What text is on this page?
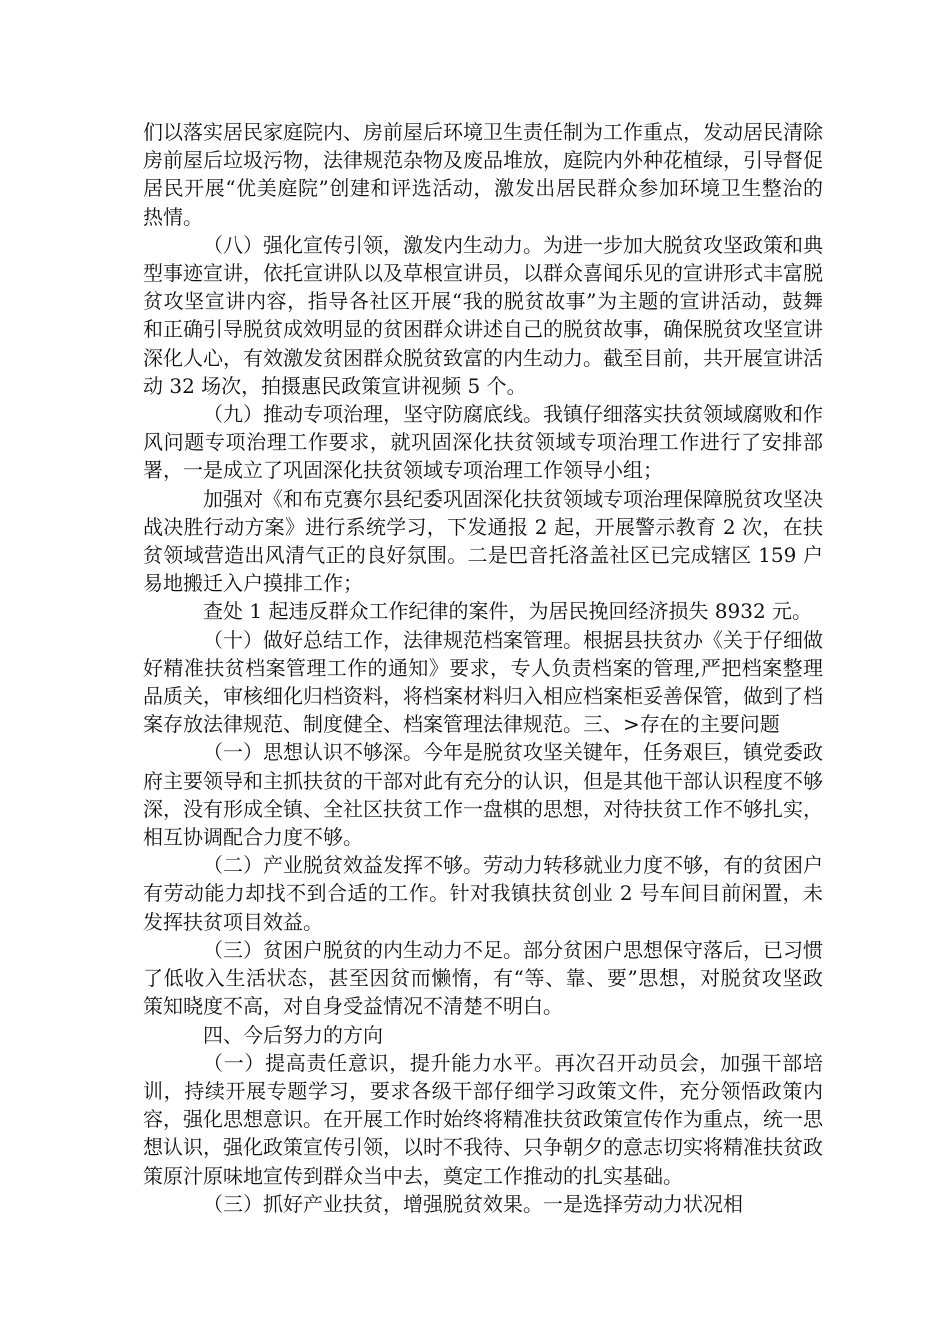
们以落实居民家庭院内、房前屋后环境卫生责任制为工作重点，发动居民清除房前屋后垃圾污物，法律规范杂物及废品堆放，庭院内外种花植绿，引导督促居民开展“优美庭院”创建和评选活动，激发出居民群众参加环境卫生整治的热情。

（八）强化宣传引领，激发内生动力。为进一步加大脱贫攻坚政策和典型事迹宣讲，依托宣讲队以及草根宣讲员，以群众喜闻乐见的宣讲形式丰富脱贫攻坚宣讲内容，指导各社区开展“我的脱贫故事”为主题的宣讲活动，鼓舞和正确引导脱贫成效明显的贫困群众讲述自己的脱贫故事，确保脱贫攻坚宣讲深化人心，有效激发贫困群众脱贫致富的内生动力。截至目前，共开展宣讲活动 32 场次，拍摄惠民政策宣讲视频 5 个。

（九）推动专项治理，坚守防腐底线。我镇仔细落实扶贫领域腐败和作风问题专项治理工作要求，就巩固深化扶贫领域专项治理工作进行了安排部署，一是成立了巩固深化扶贫领域专项治理工作领导小组；

加强对《和布克赛尔县纪委巩固深化扶贫领域专项治理保障脱贫攻坚决战决胜行动方案》进行系统学习，下发通报 2 起，开展警示教育 2 次，在扶贫领域营造出风清气正的良好氛围。二是巴音托洛盖社区已完成辖区 159 户易地搬迁入户摸排工作；

查处 1 起违反群众工作纪律的案件，为居民挽回经济损失 8932 元。

（十）做好总结工作，法律规范档案管理。根据县扶贫办《关于仔细做好精准扶贫档案管理工作的通知》要求，专人负责档案的管理,严把档案整理品质关，审核细化归档资料，将档案材料归入相应档案柜妥善保管，做到了档案存放法律规范、制度健全、档案管理法律规范。三、>存在的主要问题

（一）思想认识不够深。今年是脱贫攻坚关键年，任务艰巨，镇党委政府主要领导和主抓扶贫的干部对此有充分的认识，但是其他干部认识程度不够深，没有形成全镇、全社区扶贫工作一盘棋的思想，对待扶贫工作不够扎实，相互协调配合力度不够。

（二）产业脱贫效益发挥不够。劳动力转移就业力度不够，有的贫困户有劳动能力却找不到合适的工作。针对我镇扶贫创业 2 号车间目前闲置，未发挥扶贫项目效益。

（三）贫困户脱贫的内生动力不足。部分贫困户思想保守落后，已习惯了低收入生活状态，甚至因贫而懒惰，有“等、靠、要”思想，对脱贫攻坚政策知晓度不高，对自身受益情况不清楚不明白。

四、今后努力的方向

（一）提高责任意识，提升能力水平。再次召开动员会，加强干部培训，持续开展专题学习，要求各级干部仔细学习政策文件，充分领悟政策内容，强化思想意识。在开展工作时始终将精准扶贫政策宣传作为重点，统一思想认识，强化政策宣传引领，以时不我待、只争朝夕的意志切实将精准扶贫政策原汁原味地宣传到群众当中去，奠定工作推动的扎实基础。

（三）抓好产业扶贫，增强脱贫效果。一是选择劳动力状况相
